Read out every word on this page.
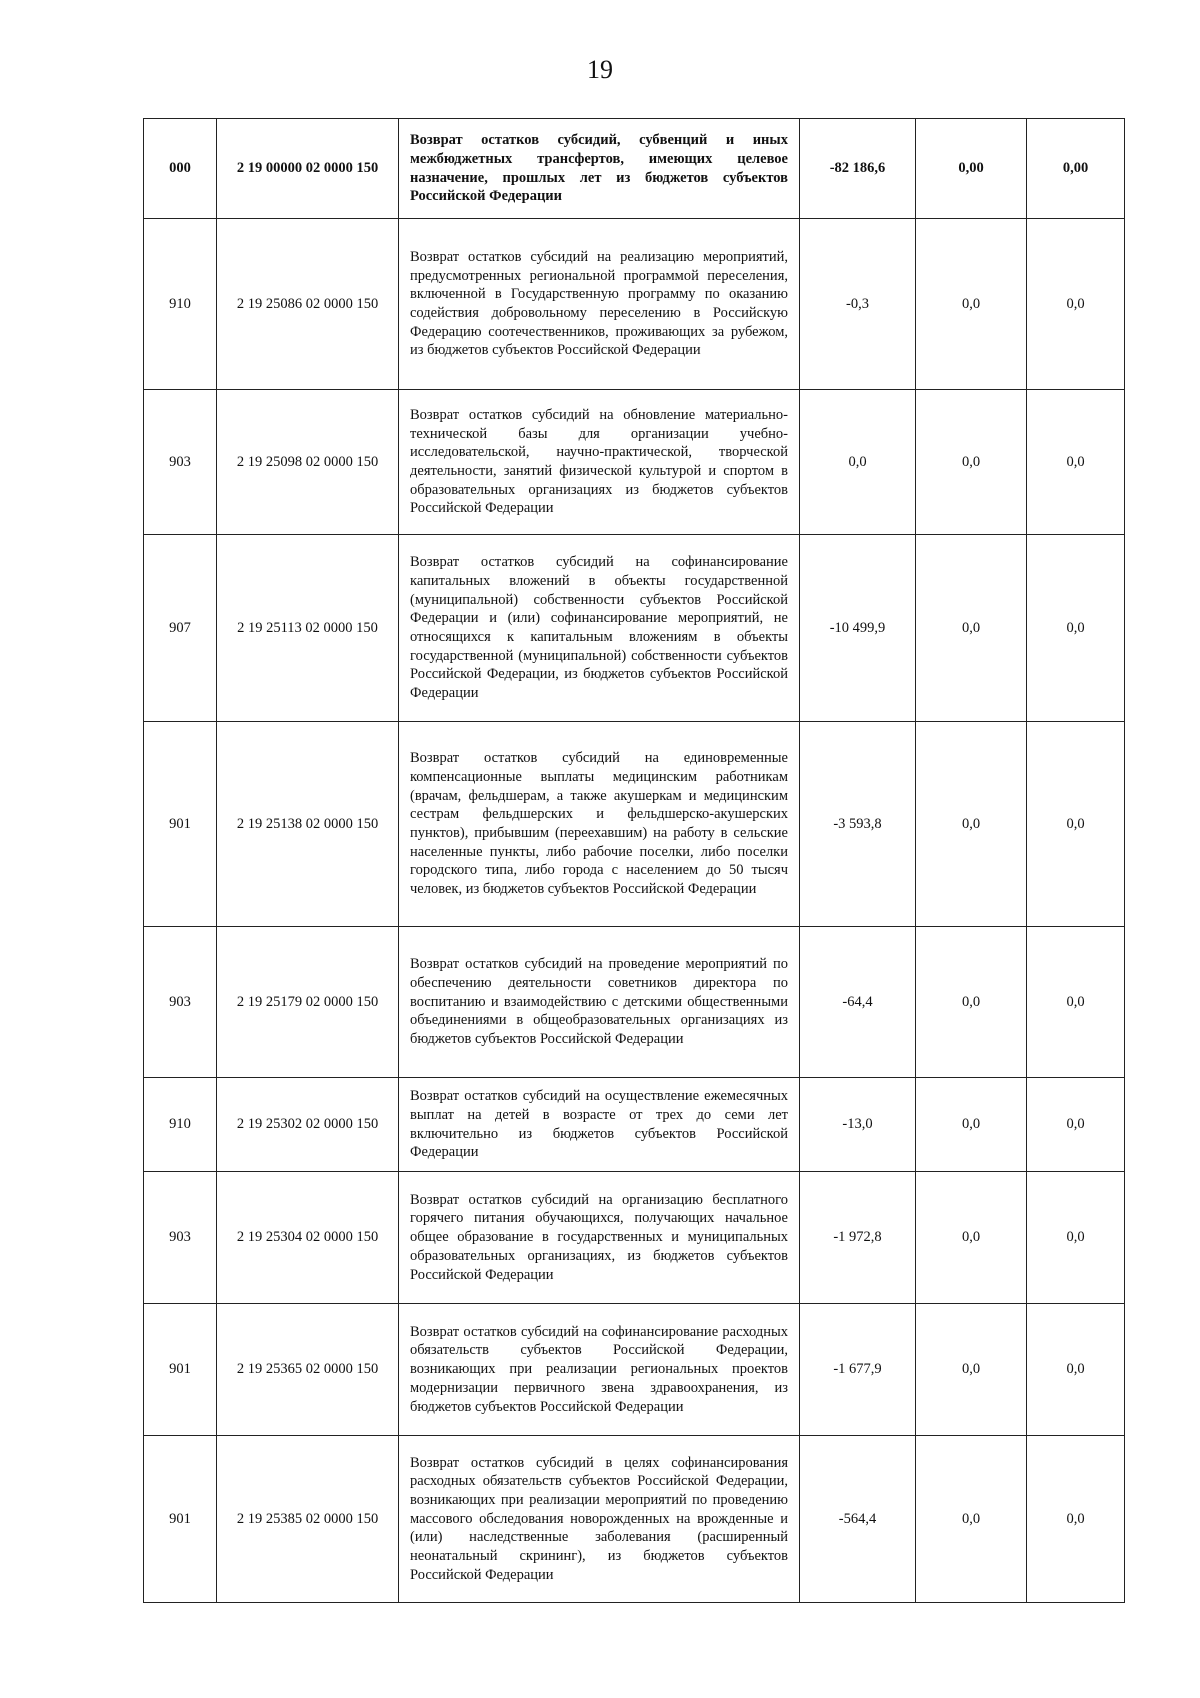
19
000	2 19 00000 02 0000 150	Возврат остатков субсидий, субвенций и иных межбюджетных трансфертов, имеющих целевое назначение, прошлых лет из бюджетов субъектов Российской Федерации	-82 186,6	0,00	0,00
910	2 19 25086 02 0000 150	Возврат остатков субсидий на реализацию мероприятий, предусмотренных региональной программой переселения, включенной в Государственную программу по оказанию содействия добровольному переселению в Российскую Федерацию соотечественников, проживающих за рубежом, из бюджетов субъектов Российской Федерации	-0,3	0,0	0,0
903	2 19 25098 02 0000 150	Возврат остатков субсидий на обновление материально-технической базы для организации учебно-исследовательской, научно-практической, творческой деятельности, занятий физической культурой и спортом в образовательных организациях из бюджетов субъектов Российской Федерации	0,0	0,0	0,0
907	2 19 25113 02 0000 150	Возврат остатков субсидий на софинансирование капитальных вложений в объекты государственной (муниципальной) собственности субъектов Российской Федерации и (или) софинансирование мероприятий, не относящихся к капитальным вложениям в объекты государственной (муниципальной) собственности субъектов Российской Федерации, из бюджетов субъектов Российской Федерации	-10 499,9	0,0	0,0
901	2 19 25138 02 0000 150	Возврат остатков субсидий на единовременные компенсационные выплаты медицинским работникам (врачам, фельдшерам, а также акушеркам и медицинским сестрам фельдшерских и фельдшерско-акушерских пунктов), прибывшим (переехавшим) на работу в сельские населенные пункты, либо рабочие поселки, либо поселки городского типа, либо города с населением до 50 тысяч человек, из бюджетов субъектов Российской Федерации	-3 593,8	0,0	0,0
903	2 19 25179 02 0000 150	Возврат остатков субсидий на проведение мероприятий по обеспечению деятельности советников директора по воспитанию и взаимодействию с детскими общественными объединениями в общеобразовательных организациях из бюджетов субъектов Российской Федерации	-64,4	0,0	0,0
910	2 19 25302 02 0000 150	Возврат остатков субсидий на осуществление ежемесячных выплат на детей в возрасте от трех до семи лет включительно из бюджетов субъектов Российской Федерации	-13,0	0,0	0,0
903	2 19 25304 02 0000 150	Возврат остатков субсидий на организацию бесплатного горячего питания обучающихся, получающих начальное общее образование в государственных и муниципальных образовательных организациях, из бюджетов субъектов Российской Федерации	-1 972,8	0,0	0,0
901	2 19 25365 02 0000 150	Возврат остатков субсидий на софинансирование расходных обязательств субъектов Российской Федерации, возникающих при реализации региональных проектов модернизации первичного звена здравоохранения, из бюджетов субъектов Российской Федерации	-1 677,9	0,0	0,0
901	2 19 25385 02 0000 150	Возврат остатков субсидий в целях софинансирования расходных обязательств субъектов Российской Федерации, возникающих при реализации мероприятий по проведению массового обследования новорожденных на врожденные и (или) наследственные заболевания (расширенный неонатальный скрининг), из бюджетов субъектов Российской Федерации	-564,4	0,0	0,0
